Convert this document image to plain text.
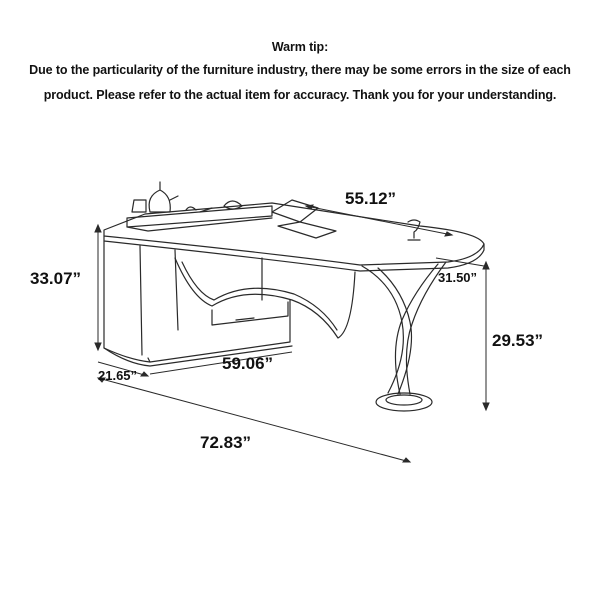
Warm tip:
Due to the particularity of the furniture industry, there may be some errors in the size of each
product. Please refer to the actual item for accuracy. Thank you for your understanding.
55.12”
33.07”	31.50”
29.53”
21.65”
59.06”
72.83”
